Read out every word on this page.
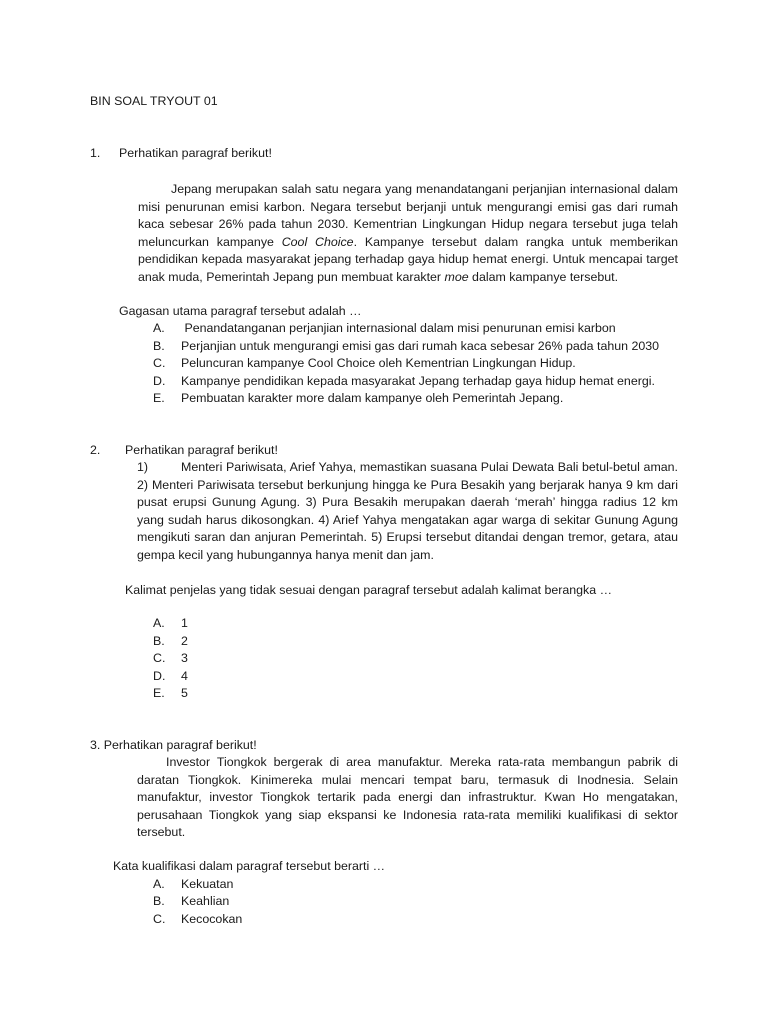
BIN SOAL TRYOUT 01
1. Perhatikan paragraf berikut!
Jepang merupakan salah satu negara yang menandatangani perjanjian internasional dalam misi penurunan emisi karbon. Negara tersebut berjanji untuk mengurangi emisi gas dari rumah kaca sebesar 26% pada tahun 2030. Kementrian Lingkungan Hidup negara tersebut juga telah meluncurkan kampanye Cool Choice. Kampanye tersebut dalam rangka untuk memberikan pendidikan kepada masyarakat jepang terhadap gaya hidup hemat energi. Untuk mencapai target anak muda, Pemerintah Jepang pun membuat karakter moe dalam kampanye tersebut.
Gagasan utama paragraf tersebut adalah …
A. Penandatanganan perjanjian internasional dalam misi penurunan emisi karbon
B. Perjanjian untuk mengurangi emisi gas dari rumah kaca sebesar 26% pada tahun 2030
C. Peluncuran kampanye Cool Choice oleh Kementrian Lingkungan Hidup.
D. Kampanye pendidikan kepada masyarakat Jepang terhadap gaya hidup hemat energi.
E. Pembuatan karakter more dalam kampanye oleh Pemerintah Jepang.
2. Perhatikan paragraf berikut!
1)	Menteri Pariwisata, Arief Yahya, memastikan suasana Pulai Dewata Bali betul-betul aman. 2) Menteri Pariwisata tersebut berkunjung hingga ke Pura Besakih yang berjarak hanya 9 km dari pusat erupsi Gunung Agung. 3) Pura Besakih merupakan daerah ‘merah’ hingga radius 12 km yang sudah harus dikosongkan. 4) Arief Yahya mengatakan agar warga di sekitar Gunung Agung mengikuti saran dan anjuran Pemerintah. 5) Erupsi tersebut ditandai dengan tremor, getara, atau gempa kecil yang hubungannya hanya menit dan jam.
Kalimat penjelas yang tidak sesuai dengan paragraf tersebut adalah kalimat berangka …
A. 1
B. 2
C. 3
D. 4
E. 5
3. Perhatikan paragraf berikut!
Investor Tiongkok bergerak di area manufaktur. Mereka rata-rata membangun pabrik di daratan Tiongkok. Kinimereka mulai mencari tempat baru, termasuk di Inodnesia. Selain manufaktur, investor Tiongkok tertarik pada energi dan infrastruktur. Kwan Ho mengatakan, perusahaan Tiongkok yang siap ekspansi ke Indonesia rata-rata memiliki kualifikasi di sektor tersebut.
Kata kualifikasi dalam paragraf tersebut berarti …
A. Kekuatan
B. Keahlian
C. Kecocokan
